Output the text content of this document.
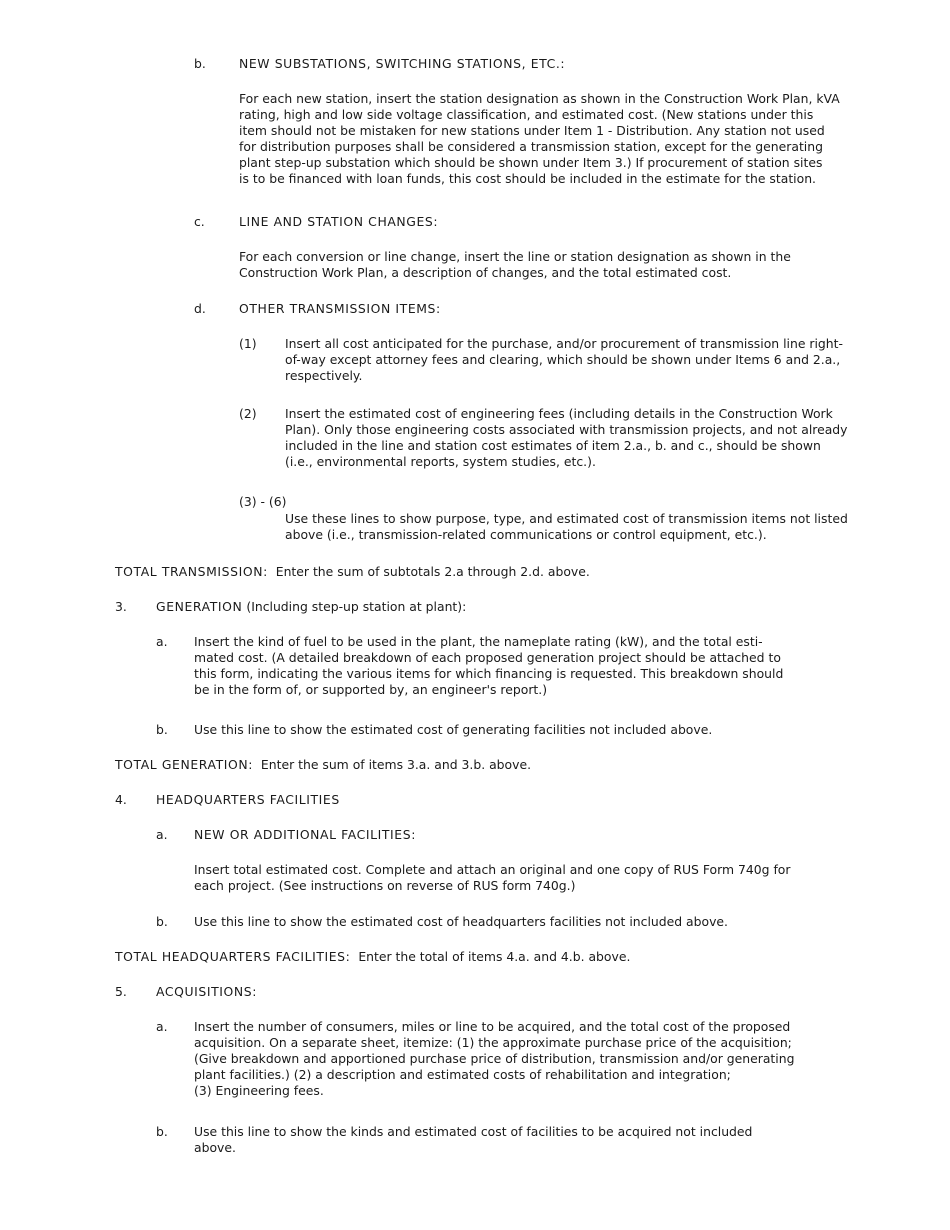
b.	NEW SUBSTATIONS, SWITCHING STATIONS, ETC.:
For each new station, insert the station designation as shown in the Construction Work Plan, kVA
rating, high and low side voltage classification, and estimated cost. (New stations under this
item should not be mistaken for new stations under Item 1 - Distribution. Any station not used
for distribution purposes shall be considered a transmission station, except for the generating
plant step-up substation which should be shown under Item 3.) If procurement of station sites
is to be financed with loan funds, this cost should be included in the estimate for the station.
c.	LINE AND STATION CHANGES:
For each conversion or line change, insert the line or station designation as shown in the
Construction Work Plan, a description of changes, and the total estimated cost.
d.	OTHER TRANSMISSION ITEMS:
(1) Insert all cost anticipated for the purchase, and/or procurement of transmission line right-
of-way except attorney fees and clearing, which should be shown under Items 6 and 2.a.,
respectively.
(2) Insert the estimated cost of engineering fees (including details in the Construction Work
Plan). Only those engineering costs associated with transmission projects, and not already
included in the line and station cost estimates of item 2.a., b. and c., should be shown
(i.e., environmental reports, system studies, etc.).
(3) - (6)
Use these lines to show purpose, type, and estimated cost of transmission items not listed
above (i.e., transmission-related communications or control equipment, etc.).
TOTAL TRANSMISSION: Enter the sum of subtotals 2.a through 2.d. above.
3. GENERATION (Including step-up station at plant):
a. Insert the kind of fuel to be used in the plant, the nameplate rating (kW), and the total esti-
mated cost. (A detailed breakdown of each proposed generation project should be attached to
this form, indicating the various items for which financing is requested. This breakdown should
be in the form of, or supported by, an engineer's report.)
b. Use this line to show the estimated cost of generating facilities not included above.
TOTAL GENERATION: Enter the sum of items 3.a. and 3.b. above.
4. HEADQUARTERS FACILITIES
a. NEW OR ADDITIONAL FACILITIES:
Insert total estimated cost. Complete and attach an original and one copy of RUS Form 740g for
each project. (See instructions on reverse of RUS form 740g.)
b. Use this line to show the estimated cost of headquarters facilities not included above.
TOTAL HEADQUARTERS FACILITIES: Enter the total of items 4.a. and 4.b. above.
5. ACQUISITIONS:
a. Insert the number of consumers, miles or line to be acquired, and the total cost of the proposed
acquisition. On a separate sheet, itemize: (1) the approximate purchase price of the acquisition;
(Give breakdown and apportioned purchase price of distribution, transmission and/or generating
plant facilities.) (2) a description and estimated costs of rehabilitation and integration;
(3) Engineering fees.
b. Use this line to show the kinds and estimated cost of facilities to be acquired not included
above.
